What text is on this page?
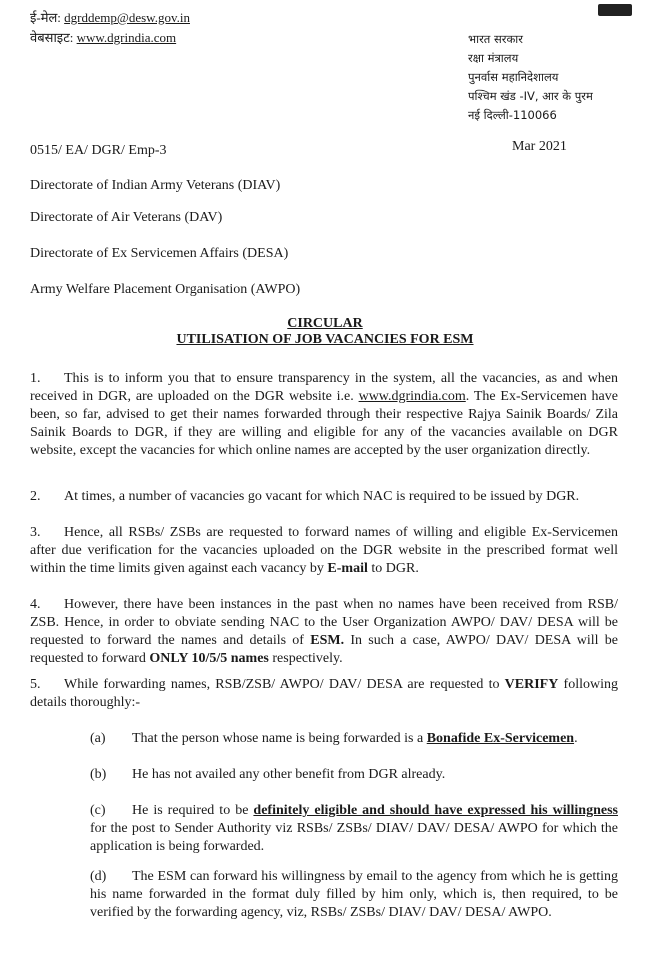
ई-मेल: dgrddemp@desw.gov.in
वेबसाइट: www.dgrindia.com	भारत सरकार
रक्षा मंत्रालय
पुनर्वास महानिदेशालय
पश्चिम खंड -IV, आर के पुरम
नई दिल्ली-110066
0515/ EA/ DGR/ Emp-3	Mar 2021
Directorate of Indian Army Veterans (DIAV)
Directorate of Air Veterans (DAV)
Directorate of Ex Servicemen Affairs (DESA)
Army Welfare Placement Organisation (AWPO)
CIRCULAR
UTILISATION OF JOB VACANCIES FOR ESM
1. This is to inform you that to ensure transparency in the system, all the vacancies, as and when received in DGR, are uploaded on the DGR website i.e. www.dgrindia.com. The Ex-Servicemen have been, so far, advised to get their names forwarded through their respective Rajya Sainik Boards/ Zila Sainik Boards to DGR, if they are willing and eligible for any of the vacancies available on DGR website, except the vacancies for which online names are accepted by the user organization directly.
2. At times, a number of vacancies go vacant for which NAC is required to be issued by DGR.
3. Hence, all RSBs/ ZSBs are requested to forward names of willing and eligible Ex-Servicemen after due verification for the vacancies uploaded on the DGR website in the prescribed format well within the time limits given against each vacancy by E-mail to DGR.
4. However, there have been instances in the past when no names have been received from RSB/ ZSB. Hence, in order to obviate sending NAC to the User Organization AWPO/ DAV/ DESA will be requested to forward the names and details of ESM. In such a case, AWPO/ DAV/ DESA will be requested to forward ONLY 10/5/5 names respectively.
5. While forwarding names, RSB/ZSB/ AWPO/ DAV/ DESA are requested to VERIFY following details thoroughly:-
(a) That the person whose name is being forwarded is a Bonafide Ex-Servicemen.
(b) He has not availed any other benefit from DGR already.
(c) He is required to be definitely eligible and should have expressed his willingness for the post to Sender Authority viz RSBs/ ZSBs/ DIAV/ DAV/ DESA/ AWPO for which the application is being forwarded.
(d) The ESM can forward his willingness by email to the agency from which he is getting his name forwarded in the format duly filled by him only, which is, then required, to be verified by the forwarding agency, viz, RSBs/ ZSBs/ DIAV/ DAV/ DESA/ AWPO.
